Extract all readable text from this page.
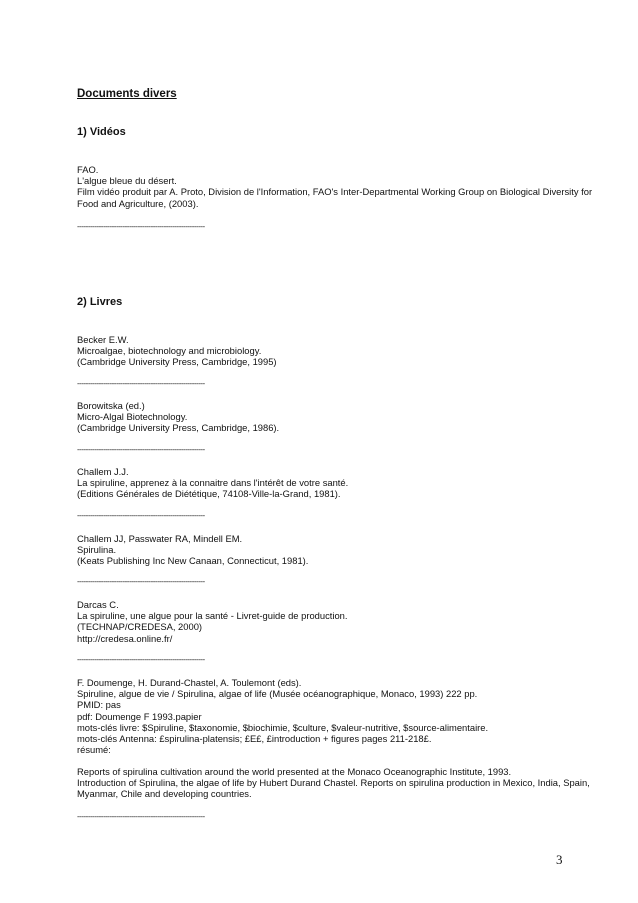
Documents divers
1) Vidéos
FAO.
L'algue bleue du désert.
Film vidéo produit par A. Proto, Division de l'Information, FAO's Inter-Departmental Working Group on Biological Diversity for Food and Agriculture, (2003).
-----------------------------------------------------------
2) Livres
Becker E.W.
Microalgae, biotechnology and microbiology.
(Cambridge University Press, Cambridge, 1995)
-----------------------------------------------------------
Borowitska (ed.)
Micro-Algal Biotechnology.
(Cambridge University Press, Cambridge, 1986).
-----------------------------------------------------------
Challem J.J.
La spiruline, apprenez à la connaitre dans l'intérêt de votre santé.
(Editions Générales de Diététique, 74108-Ville-la-Grand, 1981).
-----------------------------------------------------------
Challem JJ, Passwater RA, Mindell EM.
Spirulina.
(Keats Publishing Inc New Canaan, Connecticut, 1981).
-----------------------------------------------------------
Darcas C.
La spiruline, une algue pour la santé - Livret-guide de production.
(TECHNAP/CREDESA, 2000)
http://credesa.online.fr/
-----------------------------------------------------------
F. Doumenge, H. Durand-Chastel, A. Toulemont (eds).
Spiruline, algue de vie / Spirulina, algae of life (Musée océanographique, Monaco, 1993) 222 pp.
PMID: pas
pdf: Doumenge F 1993.papier
mots-clés livre: $Spiruline, $taxonomie, $biochimie, $culture, $valeur-nutritive, $source-alimentaire.
mots-clés Antenna: £spirulina-platensis; £E£, £introduction + figures pages 211-218£.
résumé:
Reports of spirulina cultivation around the world presented at the Monaco Oceanographic Institute, 1993.
Introduction of Spirulina, the algae of life by Hubert Durand Chastel. Reports on spirulina production in Mexico, India, Spain, Myanmar, Chile and developing countries.
-----------------------------------------------------------
3
